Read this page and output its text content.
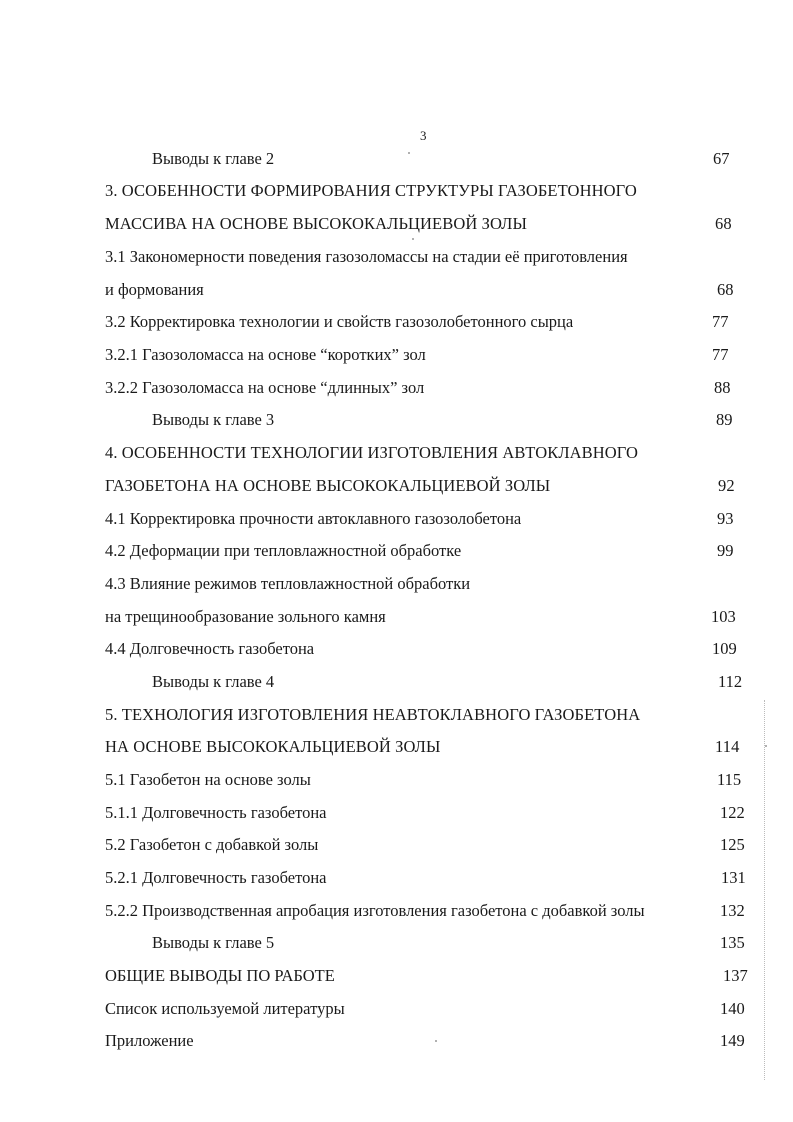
3
Выводы к главе 2	67
3. ОСОБЕННОСТИ ФОРМИРОВАНИЯ СТРУКТУРЫ ГАЗОБЕТОННОГО
МАССИВА НА ОСНОВЕ ВЫСОКОКАЛЬЦИЕВОЙ ЗОЛЫ	68
3.1 Закономерности поведения газозоломассы на стадии её приготовления
и формования	68
3.2 Корректировка технологии и свойств газозолобетонного сырца	77
3.2.1 Газозоломасса на основе “коротких” зол	77
3.2.2 Газозоломасса на основе “длинных” зол	88
Выводы к главе 3	89
4. ОСОБЕННОСТИ ТЕХНОЛОГИИ ИЗГОТОВЛЕНИЯ АВТОКЛАВНОГО
ГАЗОБЕТОНА НА ОСНОВЕ ВЫСОКОКАЛЬЦИЕВОЙ ЗОЛЫ	92
4.1 Корректировка прочности автоклавного газозолобетона	93
4.2 Деформации при тепловлажностной обработке	99
4.3 Влияние режимов тепловлажностной обработки
на трещинообразование зольного камня	103
4.4 Долговечность газобетона	109
Выводы к главе 4	112
5. ТЕХНОЛОГИЯ ИЗГОТОВЛЕНИЯ НЕАВТОКЛАВНОГО ГАЗОБЕТОНА
НА ОСНОВЕ ВЫСОКОКАЛЬЦИЕВОЙ ЗОЛЫ	114
5.1 Газобетон на основе золы	115
5.1.1 Долговечность газобетона	122
5.2 Газобетон с добавкой золы	125
5.2.1 Долговечность газобетона	131
5.2.2 Производственная апробация изготовления газобетона с добавкой золы	132
Выводы к главе 5	135
ОБЩИЕ ВЫВОДЫ ПО РАБОТЕ	137
Список используемой литературы	140
Приложение	149
